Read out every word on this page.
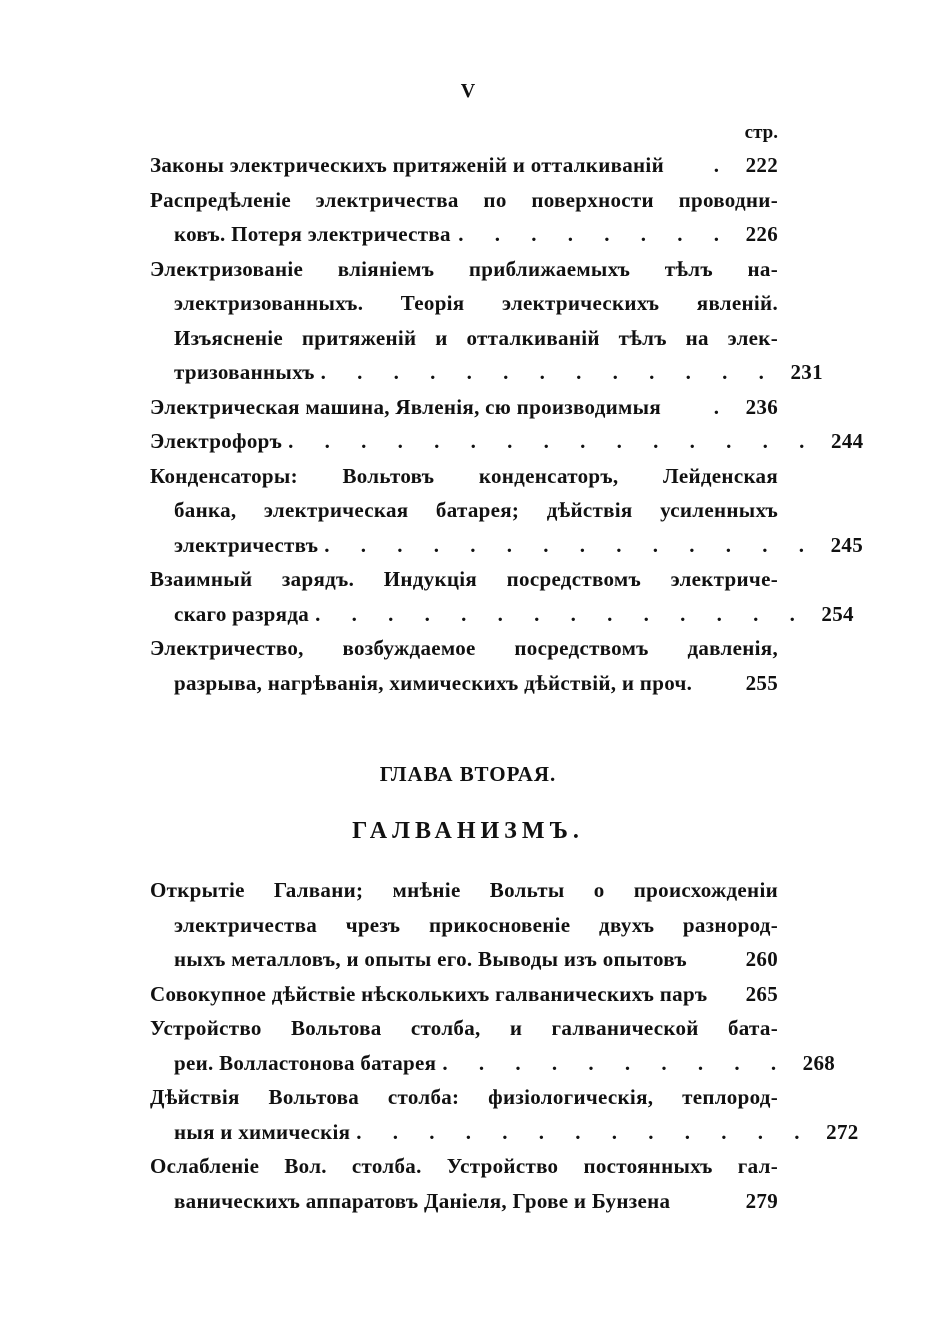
V
стр.
Законы электрическихъ притяженій и отталкиваній	. 222
Распредѣленіе электричества по поверхности проводни-
ковъ. Потеря электричества . . . . . . . . 226
Электризованіе вліяніемъ приближаемыхъ тѣлъ на-
электризованныхъ. Теорія электрическихъ явленій.
Изъясненіе притяженій и отталкиваній тѣлъ на элек-
тризованныхъ . . . . . . . . . . . . . 231
Электрическая машина, Явленія, сю производимыя	. 236
Электрофоръ . . . . . . . . . . . . . . . 244
Конденсаторы: Вольтовъ конденсаторъ, Лейденская
банка, электрическая батарея; дѣйствія усиленныхъ
электричествъ . . . . . . . . . . . . . . 245
Взаимный зарядъ. Индукція посредствомъ электриче-
скаго разряда . . . . . . . . . . . . . . 254
Электричество, возбуждаемое посредствомъ давленія,
разрыва, нагрѣванія, химическихъ дѣйствій, и проч.	255
ГЛАВА ВТОРАЯ.
ГАЛВАНИЗМЪ.
Открытіе Галвани; мнѣніе Вольты о происхожденіи
электричества чрезъ прикосновеніе двухъ разнород-
ныхъ металловъ, и опыты его. Выводы изъ опытовъ	260
Совокупное дѣйствіе нѣсколькихъ галваническихъ паръ	265
Устройство Вольтова столба, и галванической бата-
реи. Волластонова батарея . . . . . . . . . . 268
Дѣйствія Вольтова столба: физіологическія, теплород-
ныя и химическія . . . . . . . . . . . . . 272
Ослабленіе Вол. столба. Устройство постоянныхъ гал-
ваническихъ аппаратовъ Даніеля, Грове и Бунзена	279
